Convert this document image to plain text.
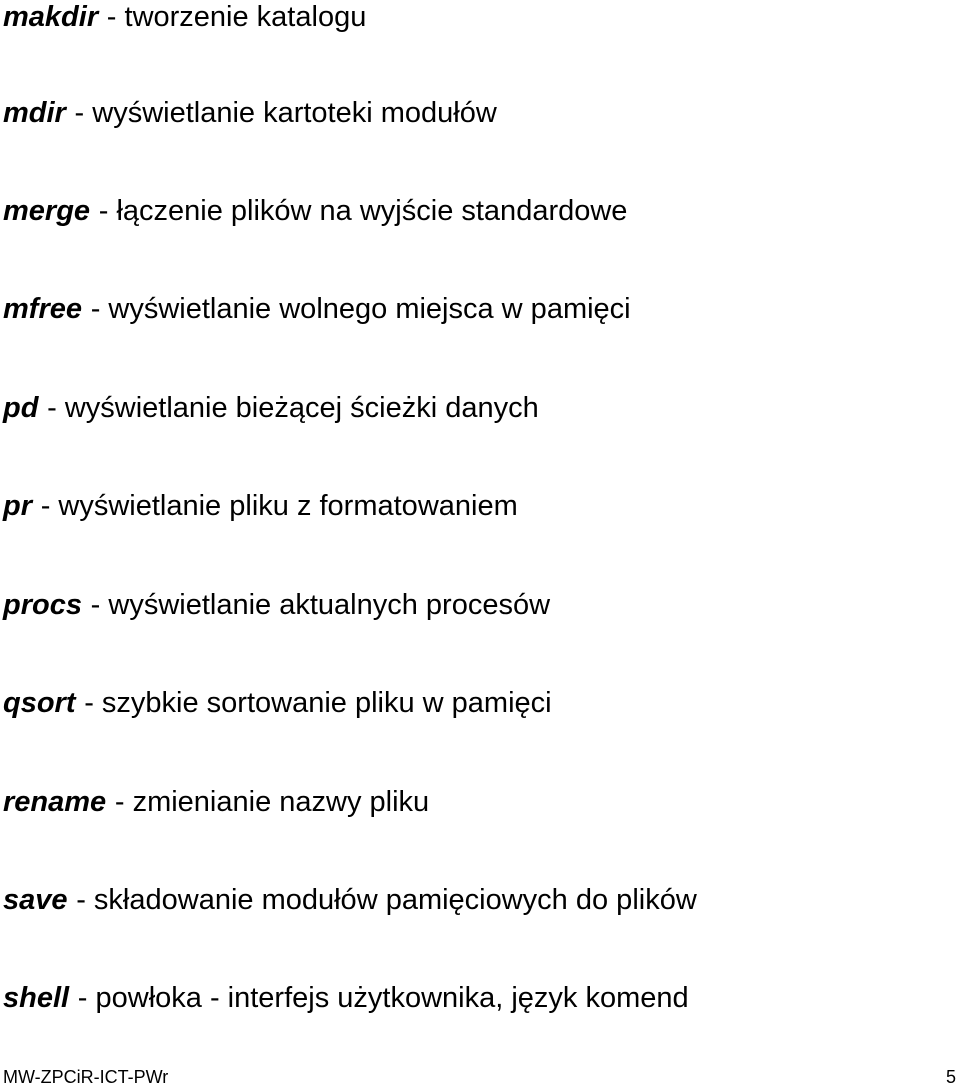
makdir - tworzenie katalogu
mdir - wyświetlanie kartoteki modułów
merge - łączenie plików na wyjście standardowe
mfree - wyświetlanie wolnego miejsca w pamięci
pd - wyświetlanie bieżącej ścieżki danych
pr - wyświetlanie pliku z formatowaniem
procs - wyświetlanie aktualnych procesów
qsort - szybkie sortowanie pliku w pamięci
rename - zmienianie nazwy pliku
save - składowanie modułów pamięciowych do plików
shell - powłoka - interfejs użytkownika, język komend
MW-ZPCiR-ICT-PWr	5
